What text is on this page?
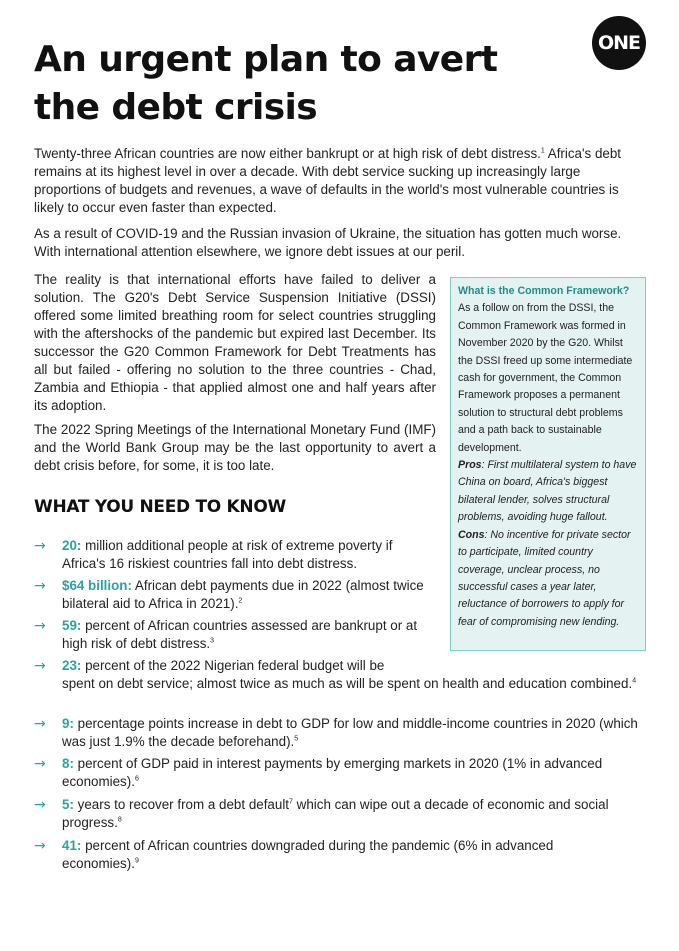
ONE
An urgent plan to avert the debt crisis

Twenty-three African countries are now either bankrupt or at high risk of debt distress.$^1$ Africa's debt remains at its highest level in over a decade. With debt service sucking up increasingly large proportions of budgets and revenues, a wave of defaults in the world's most vulnerable countries is likely to occur even faster than expected.

As a result of COVID-19 and the Russian invasion of Ukraine, the situation has gotten much worse. With international attention elsewhere, we ignore debt issues at our peril.

The reality is that international efforts have failed to deliver a solution. The G20's Debt Service Suspension Initiative (DSSI) offered some limited breathing room for select countries struggling with the aftershocks of the pandemic but expired last December. Its successor the G20 Common Framework for Debt Treatments has all but failed - offering no solution to the three countries - Chad, Zambia and Ethiopia - that applied almost one and half years after its adoption.

The 2022 Spring Meetings of the International Monetary Fund (IMF) and the World Bank Group may be the last opportunity to avert a debt crisis before, for some, it is too late.

What is the Common Framework?

As a follow on from the DSSI, the Common Framework was formed in November 2020 by the G20. Whilst the DSSI freed up some intermediate cash for government, the Common Framework proposes a permanent solution to structural debt problems and a path back to sustainable development.

Pros: First multilateral system to have China on board, Africa's biggest bilateral lender, solves structural problems, avoiding huge fallout.

Cons: No incentive for private sector to participate, limited country coverage, unclear process, no successful cases a year later, reluctance of borrowers to apply for fear of compromising new lending.

WHAT YOU NEED TO KNOW
→	20: million additional people at risk of extreme poverty if Africa's 16 riskiest countries fall into debt distress.

→	$64 billion: African debt payments due in 2022 (almost twice bilateral aid to Africa in 2021).$^2$

→	59: percent of African countries assessed are bankrupt or at high risk of debt distress.$^3$

→	23: percent of the 2022 Nigerian federal budget will be

spent on debt service; almost twice as much as will be spent on health and education combined.$^4$

→	9: percentage points increase in debt to GDP for low and middle-income countries in 2020 (which was just 1.9% the decade beforehand).$^5$

→	8: percent of GDP paid in interest payments by emerging markets in 2020 (1% in advanced economies).$^6$

→	5: years to recover from a debt default$^7$ which can wipe out a decade of economic and social progress.$^8$

→	41: percent of African countries downgraded during the pandemic (6% in advanced economies).$^9$
